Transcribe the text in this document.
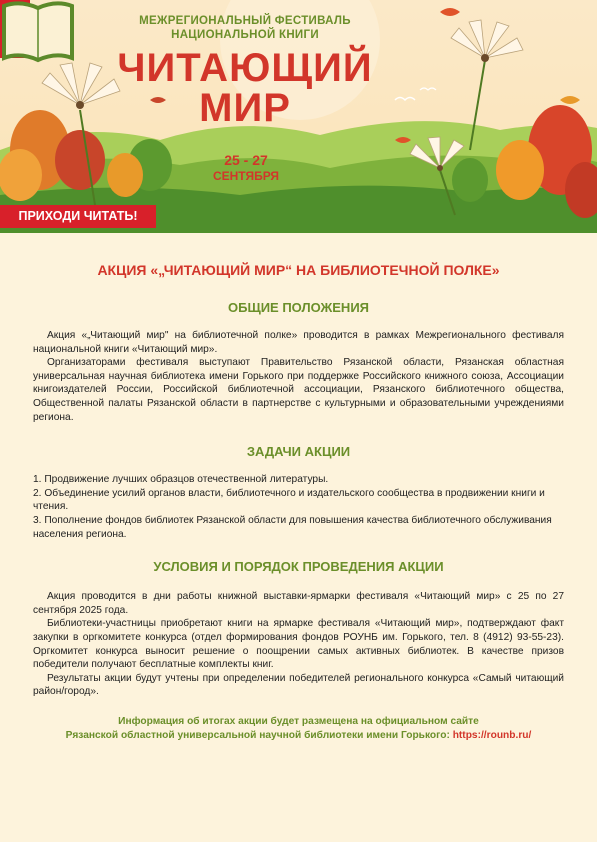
МЕЖРЕГИОНАЛЬНЫЙ ФЕСТИВАЛЬ
НАЦИОНАЛЬНОЙ КНИГИ
ЧИТАЮЩИЙ
МИР
25 - 27
СЕНТЯБРЯ
ПРИХОДИ ЧИТАТЬ!
АКЦИЯ «„ЧИТАЮЩИЙ МИР“ НА БИБЛИОТЕЧНОЙ ПОЛКЕ»
ОБЩИЕ ПОЛОЖЕНИЯ

Акция «„Читающий мир" на библиотечной полке» проводится в рамках Межрегионального фестиваля национальной книги «Читающий мир».

Организаторами фестиваля выступают Правительство Рязанской области, Рязанская областная универсальная научная библиотека имени Горького при поддержке Российского книжного союза, Ассоциации книгоиздателей России, Российской библиотечной ассоциации, Рязанского библиотечного общества, Общественной палаты Рязанской области в партнерстве с культурными и образовательными учреждениями региона.

ЗАДАЧИ АКЦИИ

1. Продвижение лучших образцов отечественной литературы.

2. Объединение усилий органов власти, библиотечного и издательского сообщества в продвижении книги и чтения.

3. Пополнение фондов библиотек Рязанской области для повышения качества библиотечного обслуживания населения региона.

УСЛОВИЯ И ПОРЯДОК ПРОВЕДЕНИЯ АКЦИИ

Акция проводится в дни работы книжной выставки-ярмарки фестиваля «Читающий мир» с 25 по 27 сентября 2025 года.

Библиотеки-участницы приобретают книги на ярмарке фестиваля «Читающий мир», подтверждают факт закупки в оргкомитете конкурса (отдел формирования фондов РОУНБ им. Горького, тел. 8 (4912) 93-55-23). Оргкомитет конкурса выносит решение о поощрении самых активных библиотек. В качестве призов победители получают бесплатные комплекты книг.

Результаты акции будут учтены при определении победителей регионального конкурса «Самый читающий район/город».

Информация об итогах акции будет размещена на официальном сайте

Рязанской областной универсальной научной библиотеки имени Горького: https://rounb.ru/
